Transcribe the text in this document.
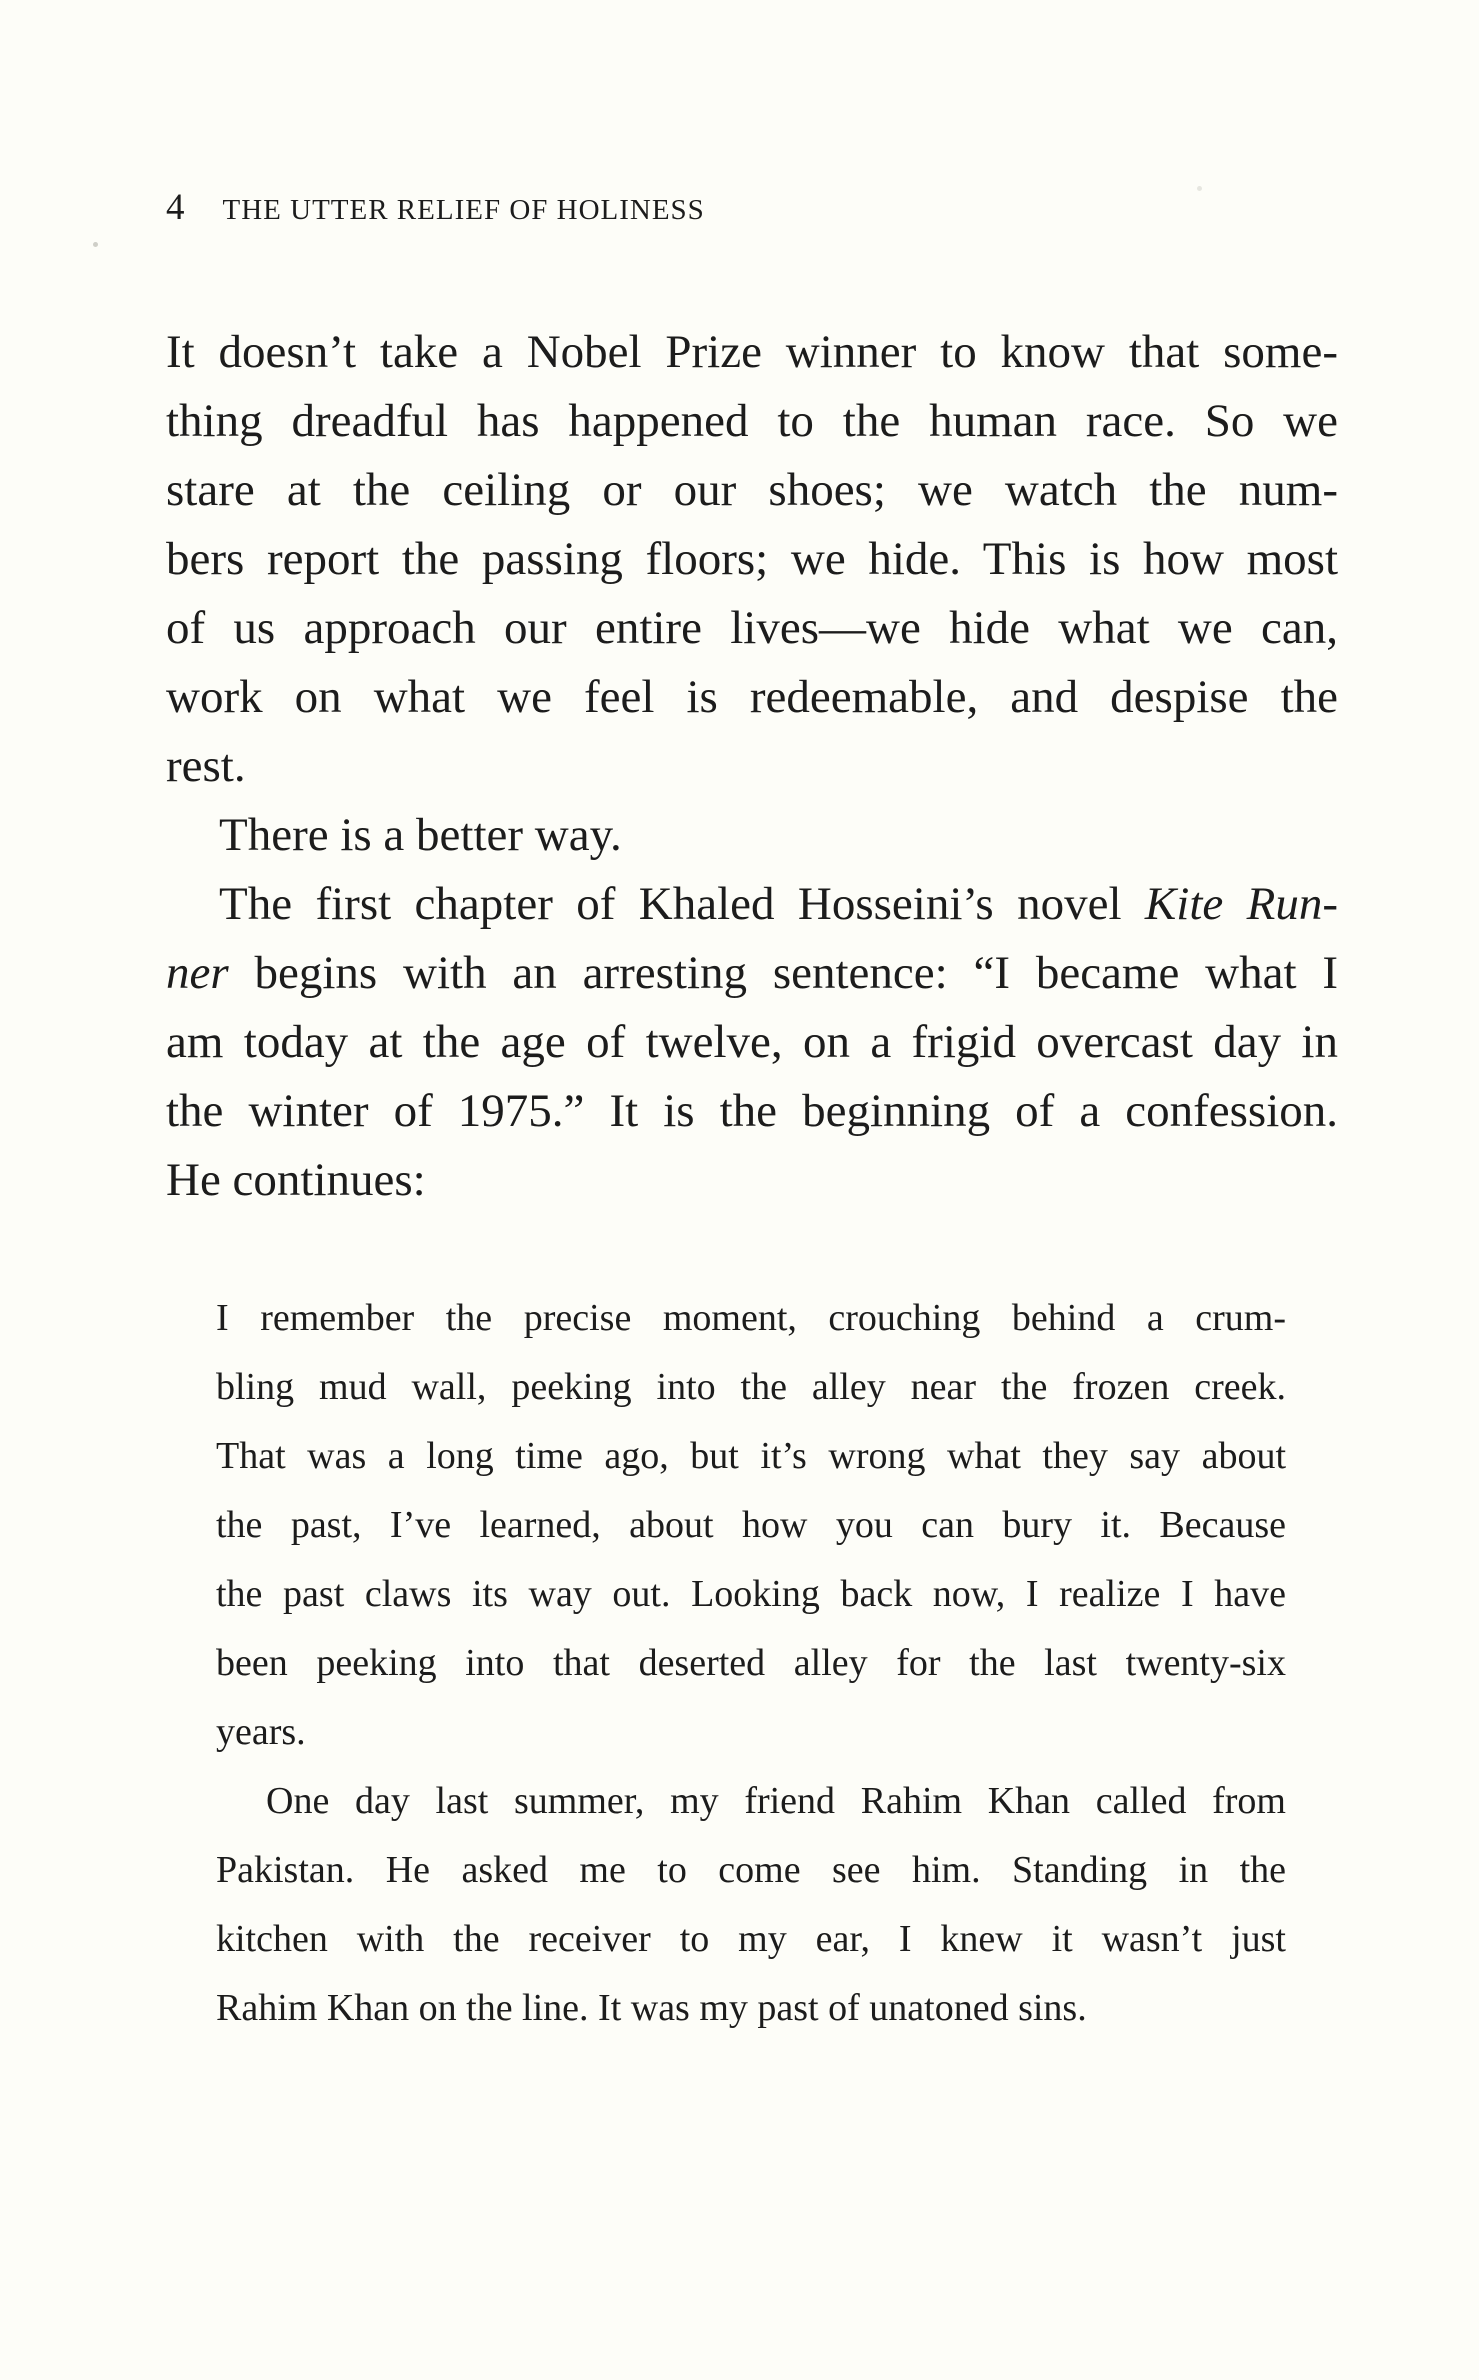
4 THE UTTER RELIEF OF HOLINESS
It doesn’t take a Nobel Prize winner to know that some-
thing dreadful has happened to the human race. So we
stare at the ceiling or our shoes; we watch the num-
bers report the passing floors; we hide. This is how most
of us approach our entire lives—we hide what we can,
work on what we feel is redeemable, and despise the
rest.
There is a better way.
The first chapter of Khaled Hosseini’s novel Kite Run-
ner begins with an arresting sentence: “I became what I
am today at the age of twelve, on a frigid overcast day in
the winter of 1975.” It is the beginning of a confession.
He continues:
I remember the precise moment, crouching behind a crum-
bling mud wall, peeking into the alley near the frozen creek.
That was a long time ago, but it’s wrong what they say about
the past, I’ve learned, about how you can bury it. Because
the past claws its way out. Looking back now, I realize I have
been peeking into that deserted alley for the last twenty-six
years.
One day last summer, my friend Rahim Khan called from
Pakistan. He asked me to come see him. Standing in the
kitchen with the receiver to my ear, I knew it wasn’t just
Rahim Khan on the line. It was my past of unatoned sins.
